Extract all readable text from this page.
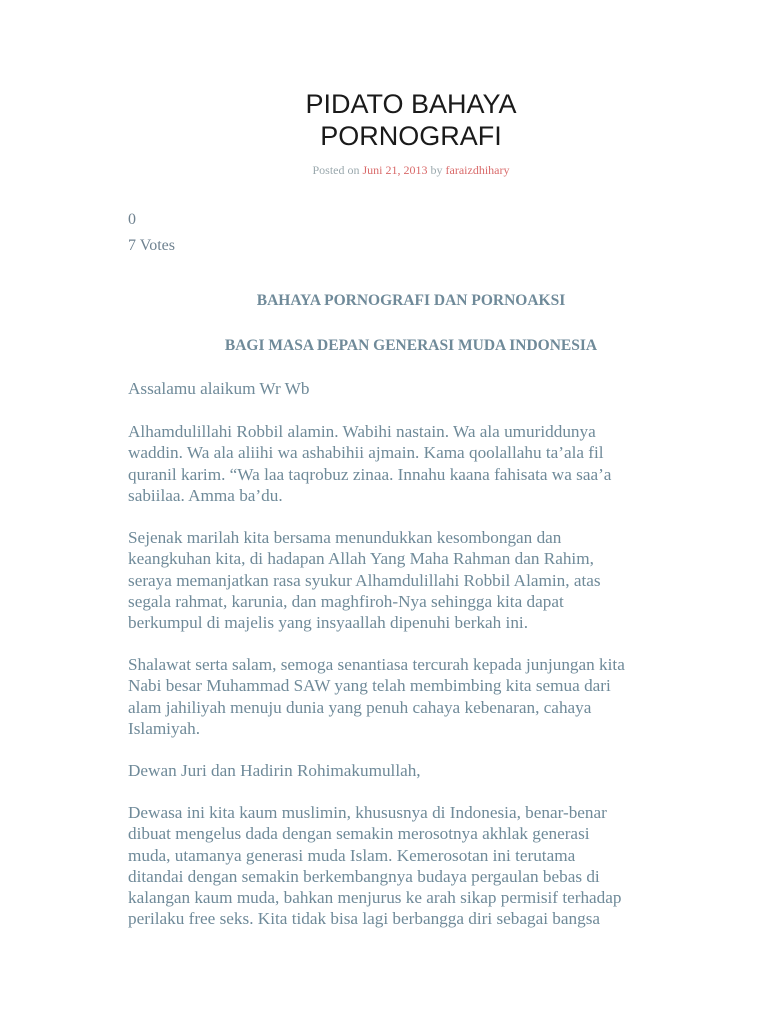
PIDATO BAHAYA
PORNOGRAFI
Posted on Juni 21, 2013 by faraizdhihary
0
7 Votes
BAHAYA PORNOGRAFI DAN PORNOAKSI
BAGI MASA DEPAN GENERASI MUDA INDONESIA

Assalamu alaikum Wr Wb

Alhamdulillahi Robbil alamin. Wabihi nastain. Wa ala umuriddunya
waddin. Wa ala aliihi wa ashabihii ajmain. Kama qoolallahu ta’ala fil
quranil karim. “Wa laa taqrobuz zinaa. Innahu kaana fahisata wa saa’a
sabiilaa. Amma ba’du.

Sejenak marilah kita bersama menundukkan kesombongan dan
keangkuhan kita, di hadapan Allah Yang Maha Rahman dan Rahim,
seraya memanjatkan rasa syukur Alhamdulillahi Robbil Alamin, atas
segala rahmat, karunia, dan maghfiroh-Nya sehingga kita dapat
berkumpul di majelis yang insyaallah dipenuhi berkah ini.

Shalawat serta salam, semoga senantiasa tercurah kepada junjungan kita
Nabi besar Muhammad SAW yang telah membimbing kita semua dari
alam jahiliyah menuju dunia yang penuh cahaya kebenaran, cahaya
Islamiyah.

Dewan Juri dan Hadirin Rohimakumullah,

Dewasa ini kita kaum muslimin, khususnya di Indonesia, benar-benar
dibuat mengelus dada dengan semakin merosotnya akhlak generasi
muda, utamanya generasi muda Islam. Kemerosotan ini terutama
ditandai dengan semakin berkembangnya budaya pergaulan bebas di
kalangan kaum muda, bahkan menjurus ke arah sikap permisif terhadap
perilaku free seks. Kita tidak bisa lagi berbangga diri sebagai bangsa
